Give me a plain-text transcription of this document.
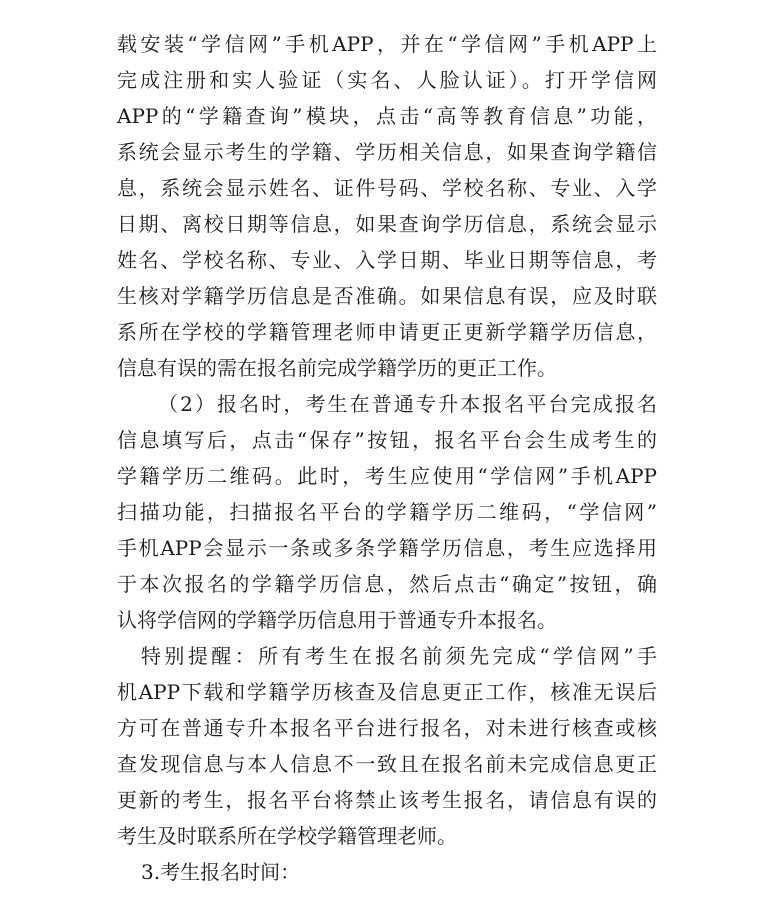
载安装“学信网”手机APP，并在“学信网”手机APP上
完成注册和实人验证（实名、人脸认证）。打开学信网
APP的“学籍查询”模块，点击“高等教育信息”功能，
系统会显示考生的学籍、学历相关信息，如果查询学籍信
息，系统会显示姓名、证件号码、学校名称、专业、入学
日期、离校日期等信息，如果查询学历信息，系统会显示
姓名、学校名称、专业、入学日期、毕业日期等信息，考
生核对学籍学历信息是否准确。如果信息有误，应及时联
系所在学校的学籍管理老师申请更正更新学籍学历信息，
信息有误的需在报名前完成学籍学历的更正工作。
（2）报名时，考生在普通专升本报名平台完成报名
信息填写后，点击“保存”按钮，报名平台会生成考生的
学籍学历二维码。此时，考生应使用“学信网”手机APP
扫描功能，扫描报名平台的学籍学历二维码，“学信网”
手机APP会显示一条或多条学籍学历信息，考生应选择用
于本次报名的学籍学历信息，然后点击“确定”按钮，确
认将学信网的学籍学历信息用于普通专升本报名。
特别提醒：所有考生在报名前须先完成“学信网”手
机APP下载和学籍学历核查及信息更正工作，核准无误后
方可在普通专升本报名平台进行报名，对未进行核查或核
查发现信息与本人信息不一致且在报名前未完成信息更正
更新的考生，报名平台将禁止该考生报名，请信息有误的
考生及时联系所在学校学籍管理老师。
3.考生报名时间：
